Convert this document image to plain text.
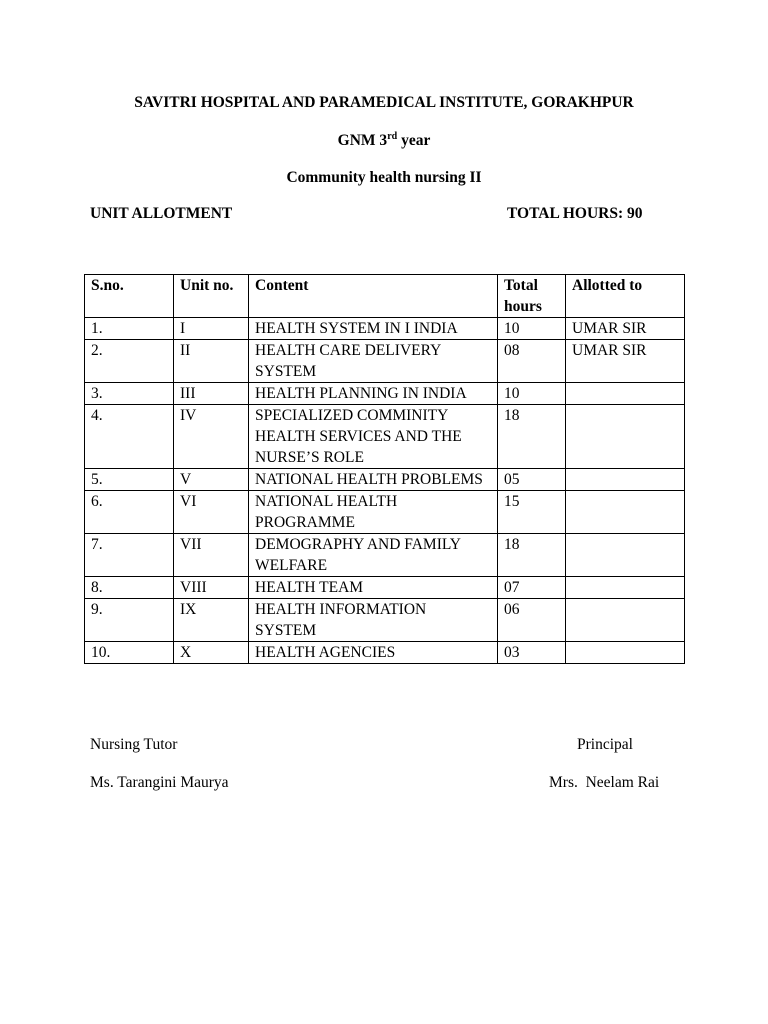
SAVITRI HOSPITAL AND PARAMEDICAL INSTITUTE, GORAKHPUR
GNM 3rd year
Community health nursing II
UNIT ALLOTMENT	TOTAL HOURS: 90
S.no.	Unit no.	Content	Total hours	Allotted to
1.	I	HEALTH SYSTEM IN I INDIA	10	UMAR SIR
2.	II	HEALTH CARE DELIVERY SYSTEM	08	UMAR SIR
3.	III	HEALTH PLANNING IN INDIA	10	
4.	IV	SPECIALIZED COMMINITY HEALTH SERVICES AND THE NURSE’S ROLE	18	
5.	V	NATIONAL HEALTH PROBLEMS	05	
6.	VI	NATIONAL HEALTH PROGRAMME	15	
7.	VII	DEMOGRAPHY AND FAMILY WELFARE	18	
8.	VIII	HEALTH TEAM	07	
9.	IX	HEALTH INFORMATION SYSTEM	06	
10.	X	HEALTH AGENCIES	03	
Nursing Tutor
Ms. Tarangini Maurya
Principal
Mrs.  Neelam Rai
